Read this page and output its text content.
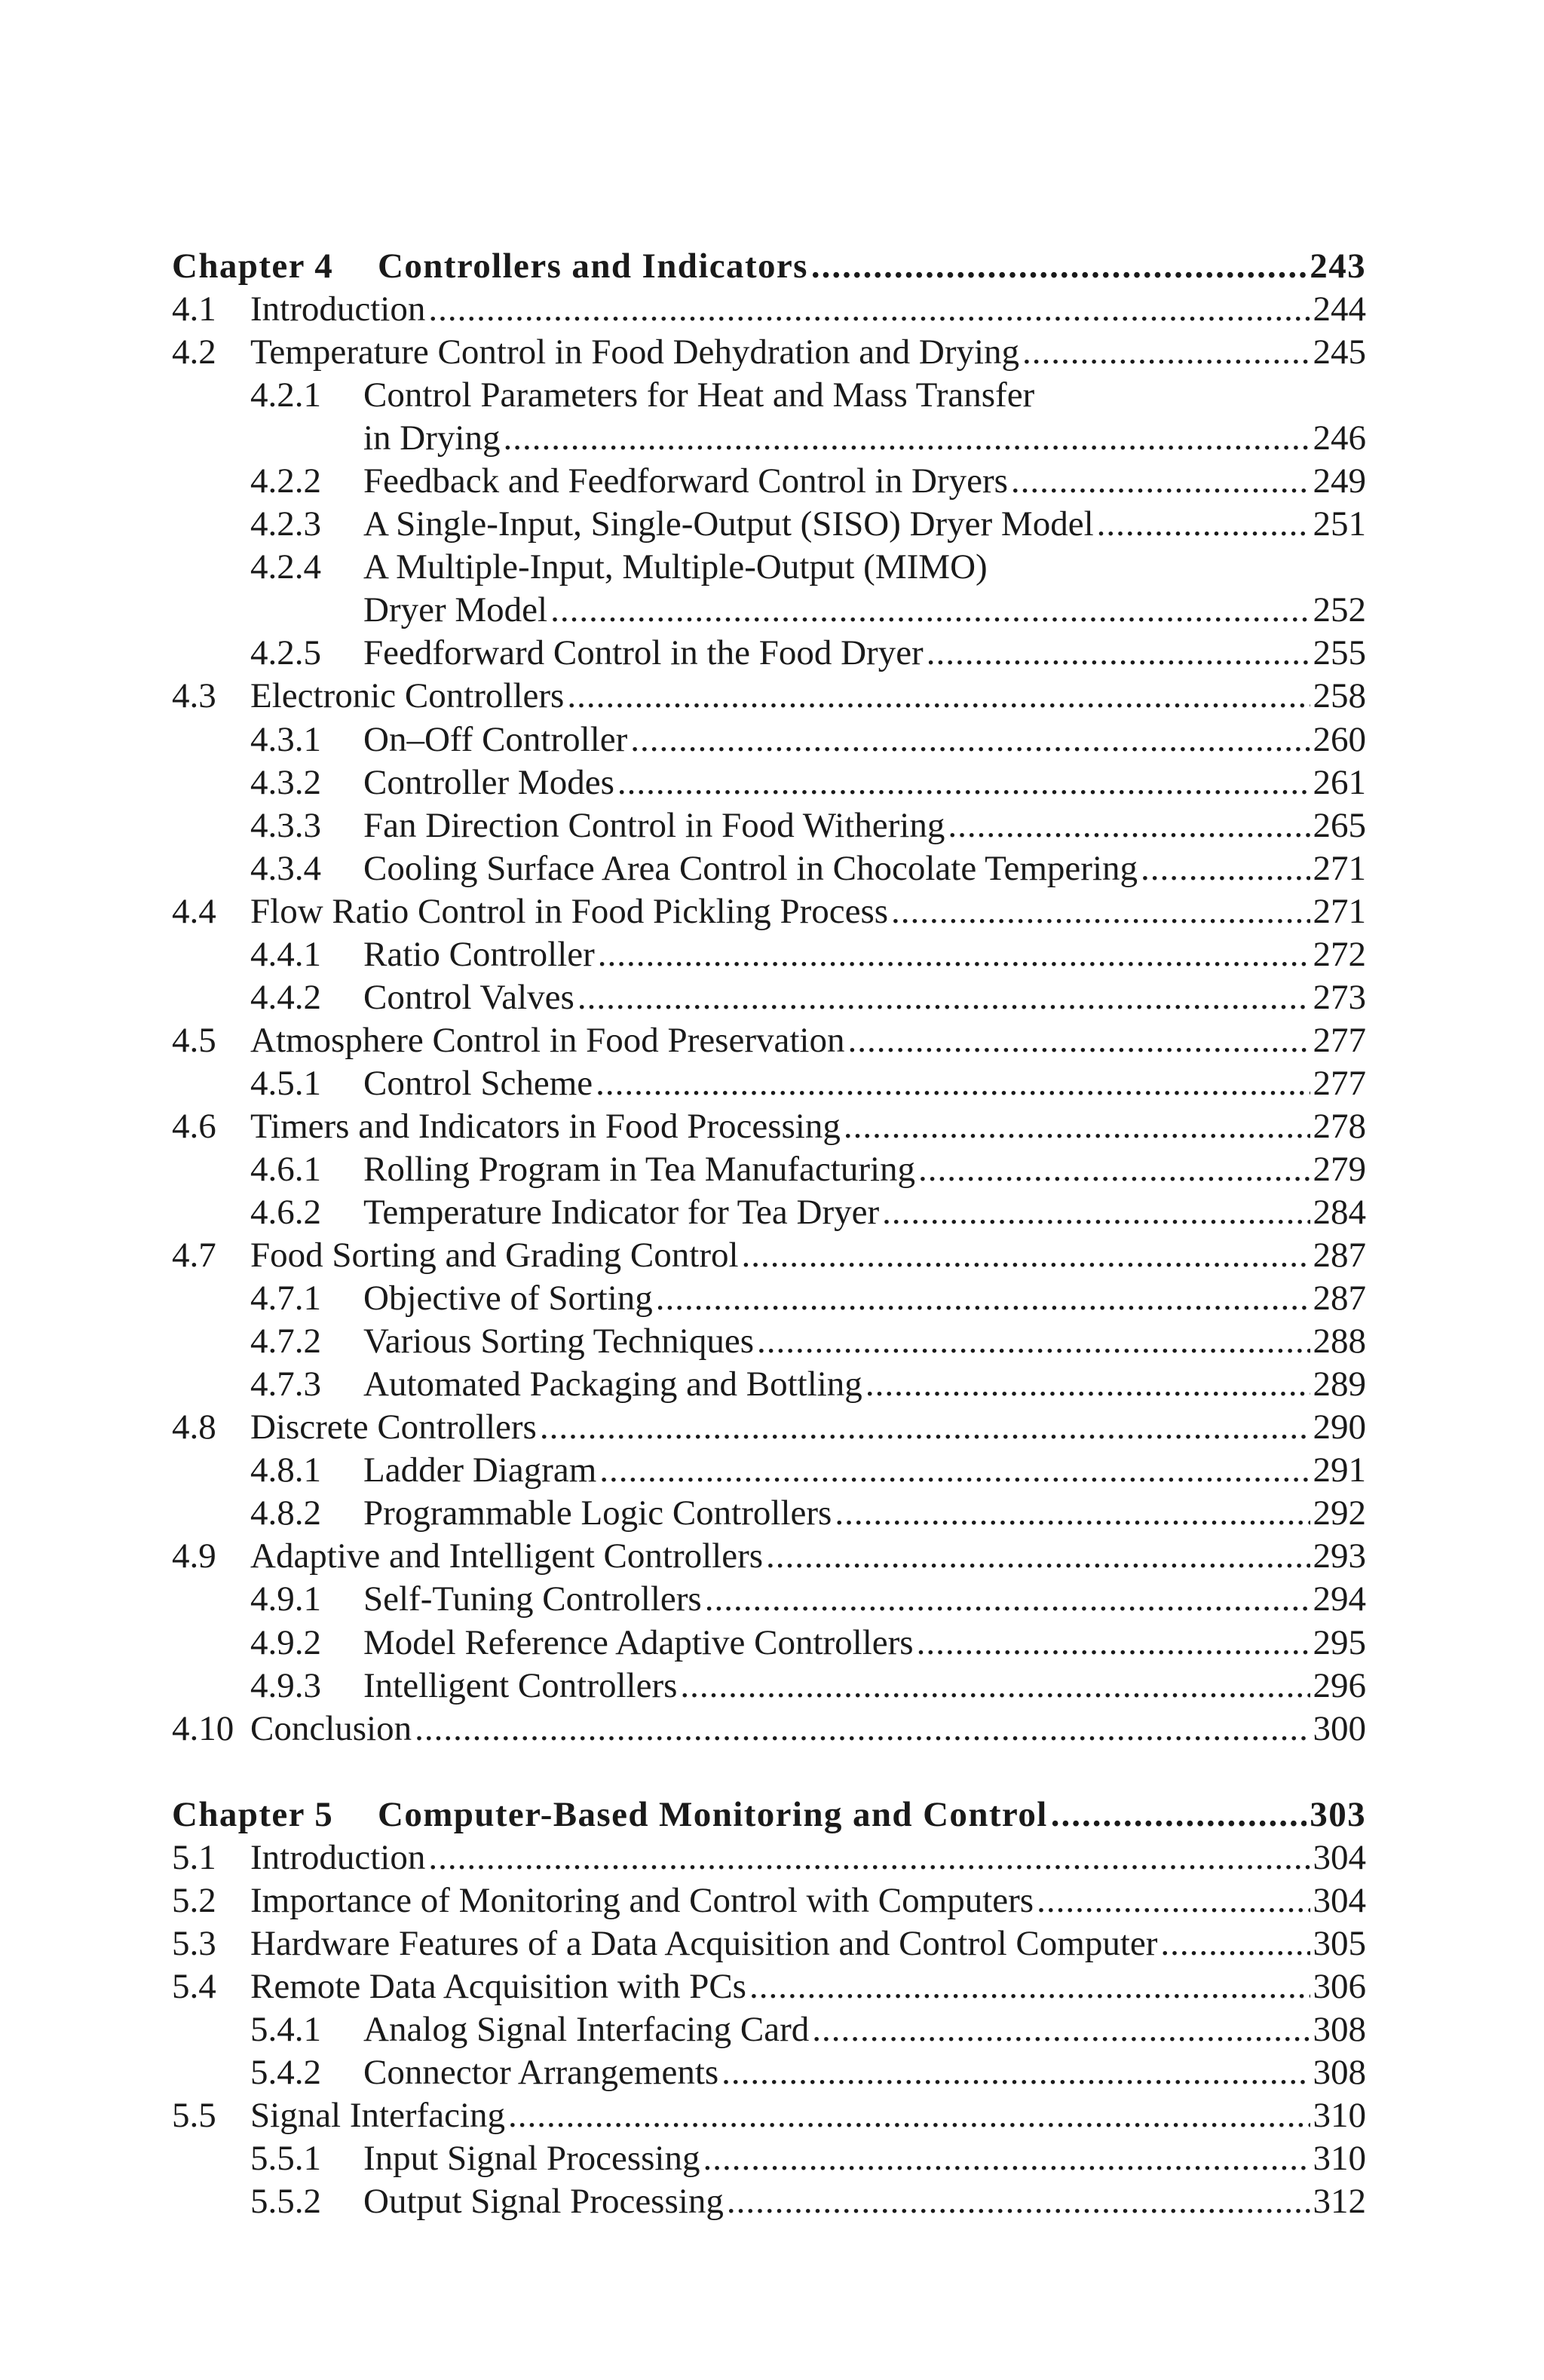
Chapter 4 Controllers and Indicators .....	243
4.1 Introduction .....	244
4.2 Temperature Control in Food Dehydration and Drying .....	245
4.2.1 Control Parameters for Heat and Mass Transfer
in Drying .....	246
4.2.2 Feedback and Feedforward Control in Dryers .....	249
4.2.3 A Single-Input, Single-Output (SISO) Dryer Model .....	251
4.2.4 A Multiple-Input, Multiple-Output (MIMO)
Dryer Model .....	252
4.2.5 Feedforward Control in the Food Dryer .....	255
4.3 Electronic Controllers .....	258
4.3.1 On–Off Controller .....	260
4.3.2 Controller Modes .....	261
4.3.3 Fan Direction Control in Food Withering .....	265
4.3.4 Cooling Surface Area Control in Chocolate Tempering .....	271
4.4 Flow Ratio Control in Food Pickling Process .....	271
4.4.1 Ratio Controller .....	272
4.4.2 Control Valves .....	273
4.5 Atmosphere Control in Food Preservation .....	277
4.5.1 Control Scheme .....	277
4.6 Timers and Indicators in Food Processing .....	278
4.6.1 Rolling Program in Tea Manufacturing .....	279
4.6.2 Temperature Indicator for Tea Dryer .....	284
4.7 Food Sorting and Grading Control .....	287
4.7.1 Objective of Sorting .....	287
4.7.2 Various Sorting Techniques .....	288
4.7.3 Automated Packaging and Bottling .....	289
4.8 Discrete Controllers .....	290
4.8.1 Ladder Diagram .....	291
4.8.2 Programmable Logic Controllers .....	292
4.9 Adaptive and Intelligent Controllers .....	293
4.9.1 Self-Tuning Controllers .....	294
4.9.2 Model Reference Adaptive Controllers .....	295
4.9.3 Intelligent Controllers .....	296
4.10 Conclusion .....	300
Chapter 5 Computer-Based Monitoring and Control .....	303
5.1 Introduction .....	304
5.2 Importance of Monitoring and Control with Computers .....	304
5.3 Hardware Features of a Data Acquisition and Control Computer .....	305
5.4 Remote Data Acquisition with PCs .....	306
5.4.1 Analog Signal Interfacing Card .....	308
5.4.2 Connector Arrangements .....	308
5.5 Signal Interfacing .....	310
5.5.1 Input Signal Processing .....	310
5.5.2 Output Signal Processing .....	312
